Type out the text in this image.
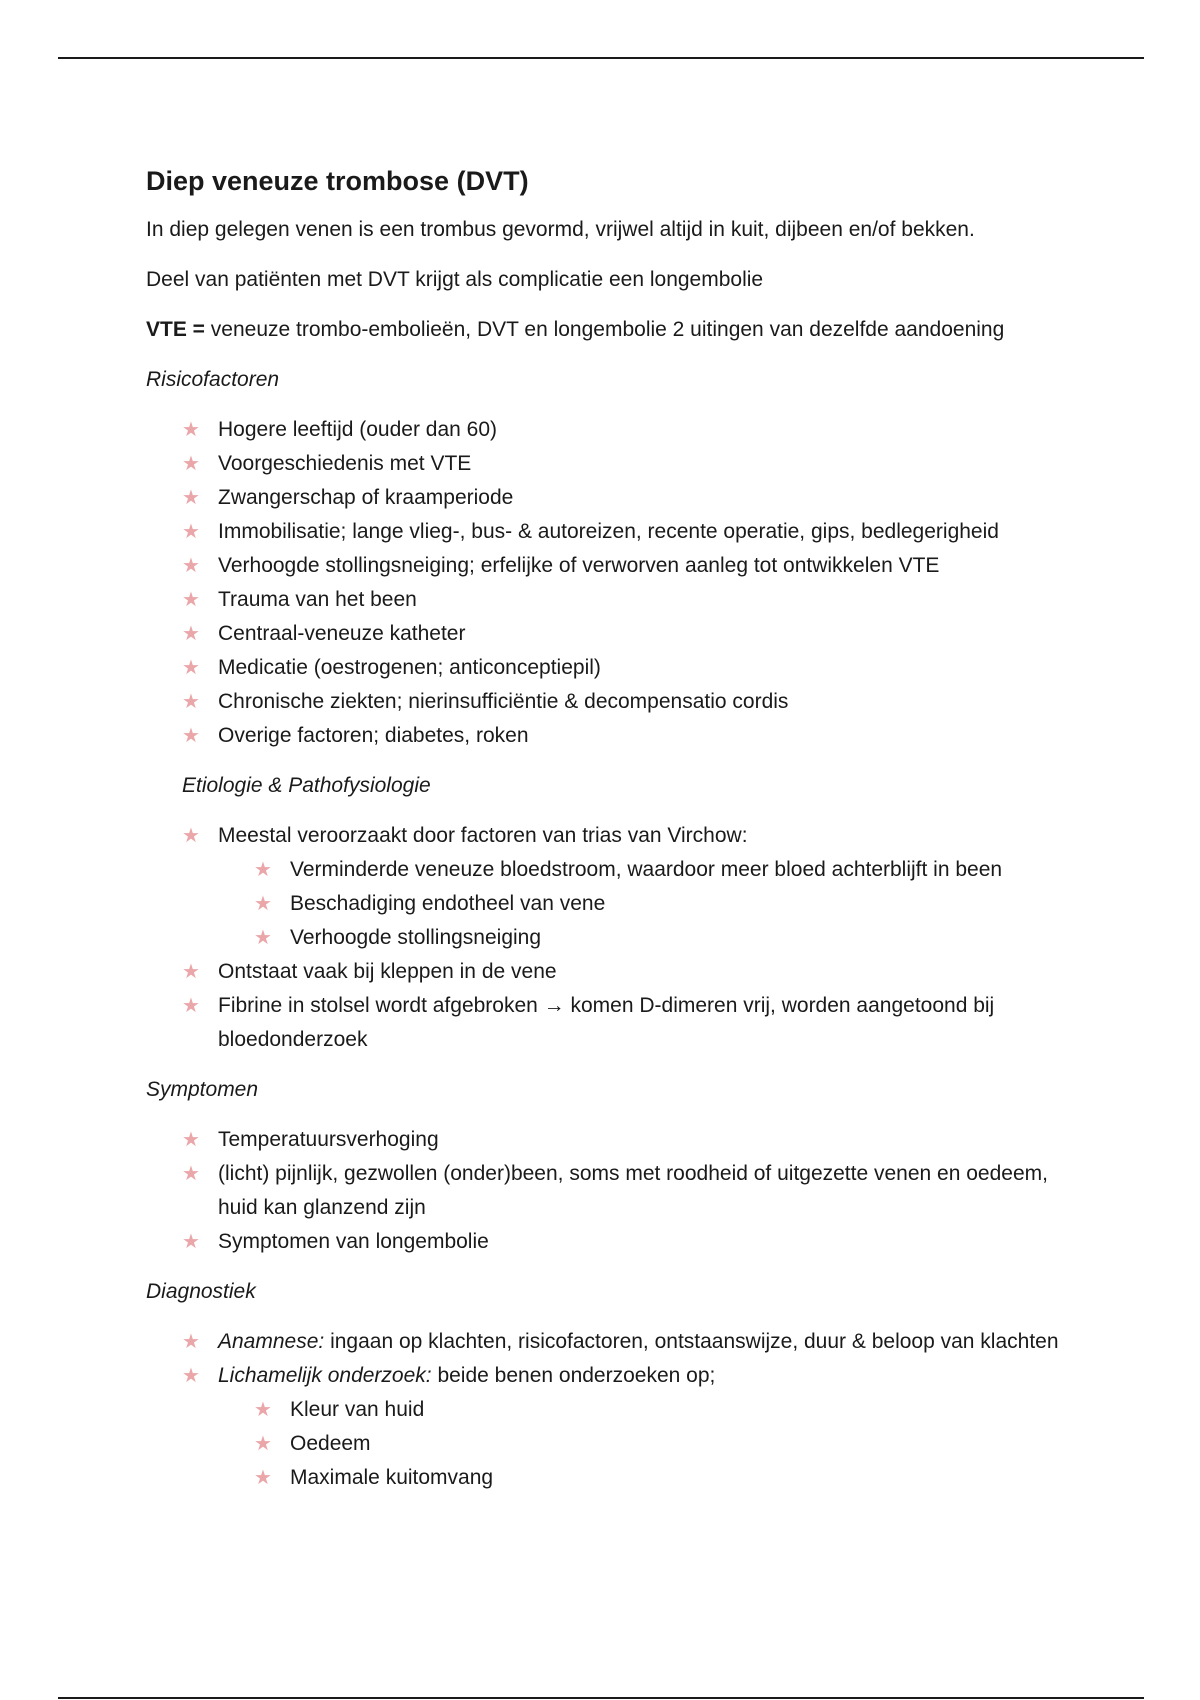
Diep veneuze trombose (DVT)

In diep gelegen venen is een trombus gevormd, vrijwel altijd in kuit, dijbeen en/of bekken.

Deel van patiënten met DVT krijgt als complicatie een longembolie

VTE = veneuze trombo-embolieën, DVT en longembolie 2 uitingen van dezelfde aandoening

Risicofactoren
★ Hogere leeftijd (ouder dan 60)
★ Voorgeschiedenis met VTE
★ Zwangerschap of kraamperiode
★ Immobilisatie; lange vlieg-, bus- & autoreizen, recente operatie, gips, bedlegerigheid
★ Verhoogde stollingsneiging; erfelijke of verworven aanleg tot ontwikkelen VTE
★ Trauma van het been
★ Centraal-veneuze katheter
★ Medicatie (oestrogenen; anticonceptiepil)
★ Chronische ziekten; nierinsufficiëntie & decompensatio cordis
★ Overige factoren; diabetes, roken
Etiologie & Pathofysiologie
★ Meestal veroorzaakt door factoren van trias van Virchow:
★ Verminderde veneuze bloedstroom, waardoor meer bloed achterblijft in been
★ Beschadiging endotheel van vene
★ Verhoogde stollingsneiging
★ Ontstaat vaak bij kleppen in de vene
★ Fibrine in stolsel wordt afgebroken → komen D-dimeren vrij, worden aangetoond bij bloedonderzoek
Symptomen
★ Temperatuursverhoging
★ (licht) pijnlijk, gezwollen (onder)been, soms met roodheid of uitgezette venen en oedeem, huid kan glanzend zijn
★ Symptomen van longembolie
Diagnostiek
★ Anamnese: ingaan op klachten, risicofactoren, ontstaanswijze, duur & beloop van klachten
★ Lichamelijk onderzoek: beide benen onderzoeken op;
★ Kleur van huid
★ Oedeem
★ Maximale kuitomvang
